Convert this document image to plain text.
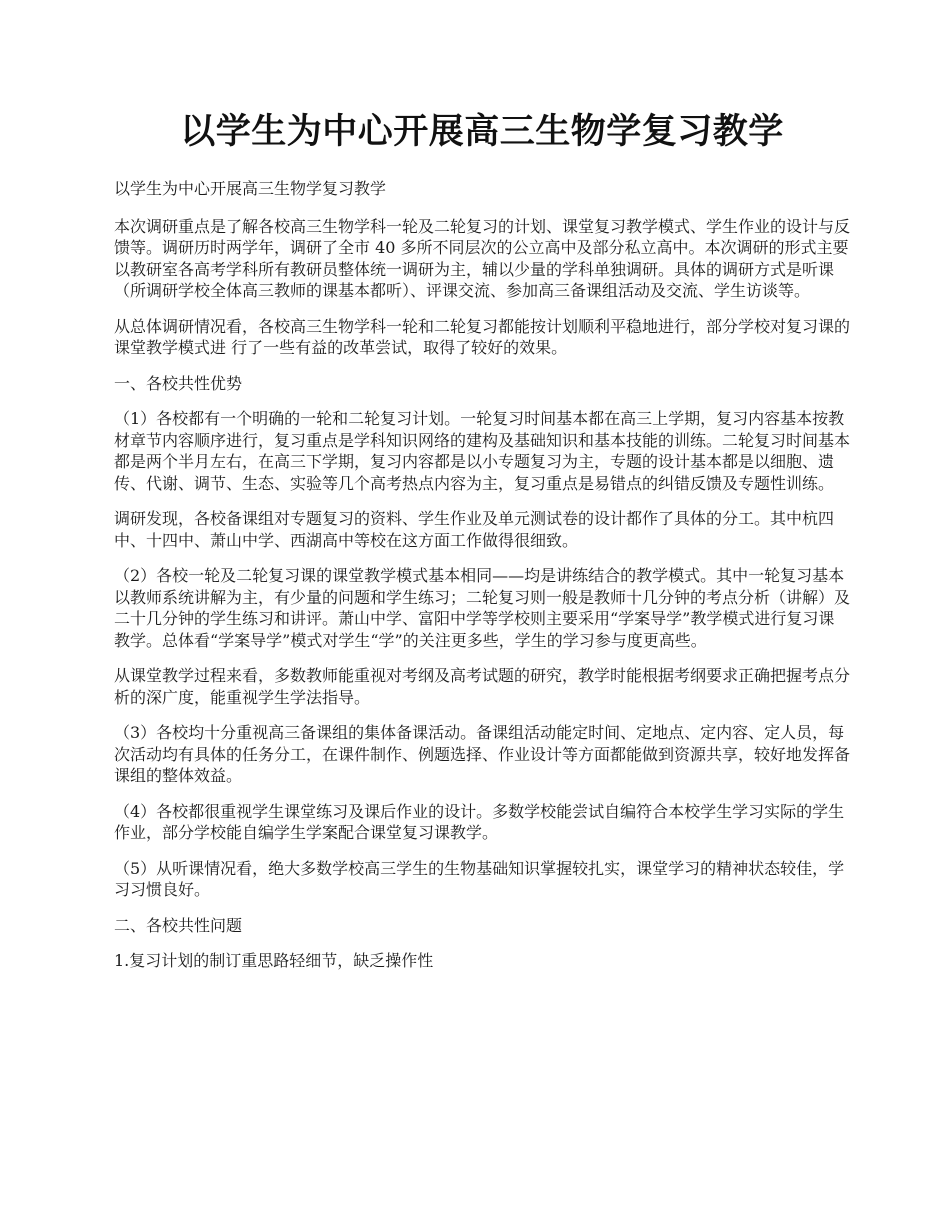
以学生为中心开展高三生物学复习教学

以学生为中心开展高三生物学复习教学

本次调研重点是了解各校高三生物学科一轮及二轮复习的计划、课堂复习教学模式、学生作业的设计与反馈等。调研历时两学年，调研了全市 40 多所不同层次的公立高中及部分私立高中。本次调研的形式主要以教研室各高考学科所有教研员整体统一调研为主，辅以少量的学科单独调研。具体的调研方式是听课（所调研学校全体高三教师的课基本都听）、评课交流、参加高三备课组活动及交流、学生访谈等。

从总体调研情况看，各校高三生物学科一轮和二轮复习都能按计划顺利平稳地进行，部分学校对复习课的课堂教学模式进 行了一些有益的改革尝试，取得了较好的效果。

一、各校共性优势

（1）各校都有一个明确的一轮和二轮复习计划。一轮复习时间基本都在高三上学期，复习内容基本按教材章节内容顺序进行，复习重点是学科知识网络的建构及基础知识和基本技能的训练。二轮复习时间基本都是两个半月左右，在高三下学期，复习内容都是以小专题复习为主，专题的设计基本都是以细胞、遗传、代谢、调节、生态、实验等几个高考热点内容为主，复习重点是易错点的纠错反馈及专题性训练。

调研发现，各校备课组对专题复习的资料、学生作业及单元测试卷的设计都作了具体的分工。其中杭四中、十四中、萧山中学、西湖高中等校在这方面工作做得很细致。

（2）各校一轮及二轮复习课的课堂教学模式基本相同——均是讲练结合的教学模式。其中一轮复习基本以教师系统讲解为主，有少量的问题和学生练习；二轮复习则一般是教师十几分钟的考点分析（讲解）及二十几分钟的学生练习和讲评。萧山中学、富阳中学等学校则主要采用“学案导学”教学模式进行复习课教学。总体看“学案导学”模式对学生“学”的关注更多些，学生的学习参与度更高些。

从课堂教学过程来看，多数教师能重视对考纲及高考试题的研究，教学时能根据考纲要求正确把握考点分析的深广度，能重视学生学法指导。

（3）各校均十分重视高三备课组的集体备课活动。备课组活动能定时间、定地点、定内容、定人员，每次活动均有具体的任务分工，在课件制作、例题选择、作业设计等方面都能做到资源共享，较好地发挥备课组的整体效益。

（4）各校都很重视学生课堂练习及课后作业的设计。多数学校能尝试自编符合本校学生学习实际的学生作业，部分学校能自编学生学案配合课堂复习课教学。

（5）从听课情况看，绝大多数学校高三学生的生物基础知识掌握较扎实，课堂学习的精神状态较佳，学习习惯良好。

二、各校共性问题

1.复习计划的制订重思路轻细节，缺乏操作性
